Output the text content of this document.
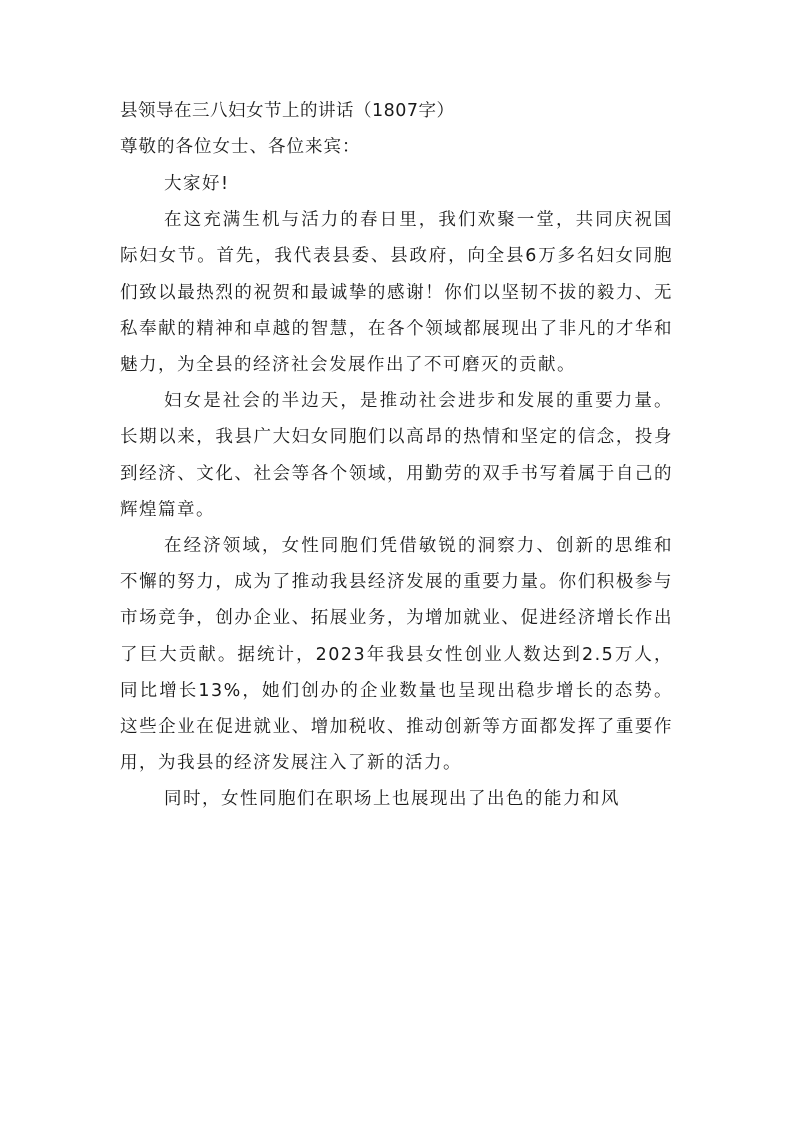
县领导在三八妇女节上的讲话（1807字）

尊敬的各位女士、各位来宾：

大家好!

在这充满生机与活力的春日里，我们欢聚一堂，共同庆祝国际妇女节。首先，我代表县委、县政府，向全县6万多名妇女同胞们致以最热烈的祝贺和最诚挚的感谢！你们以坚韧不拔的毅力、无私奉献的精神和卓越的智慧，在各个领域都展现出了非凡的才华和魅力，为全县的经济社会发展作出了不可磨灭的贡献。

妇女是社会的半边天，是推动社会进步和发展的重要力量。长期以来，我县广大妇女同胞们以高昂的热情和坚定的信念，投身到经济、文化、社会等各个领域，用勤劳的双手书写着属于自己的辉煌篇章。

在经济领域，女性同胞们凭借敏锐的洞察力、创新的思维和不懈的努力，成为了推动我县经济发展的重要力量。你们积极参与市场竞争，创办企业、拓展业务，为增加就业、促进经济增长作出了巨大贡献。据统计，2023年我县女性创业人数达到2.5万人，同比增长13%，她们创办的企业数量也呈现出稳步增长的态势。这些企业在促进就业、增加税收、推动创新等方面都发挥了重要作用，为我县的经济发展注入了新的活力。

同时，女性同胞们在职场上也展现出了出色的能力和风
